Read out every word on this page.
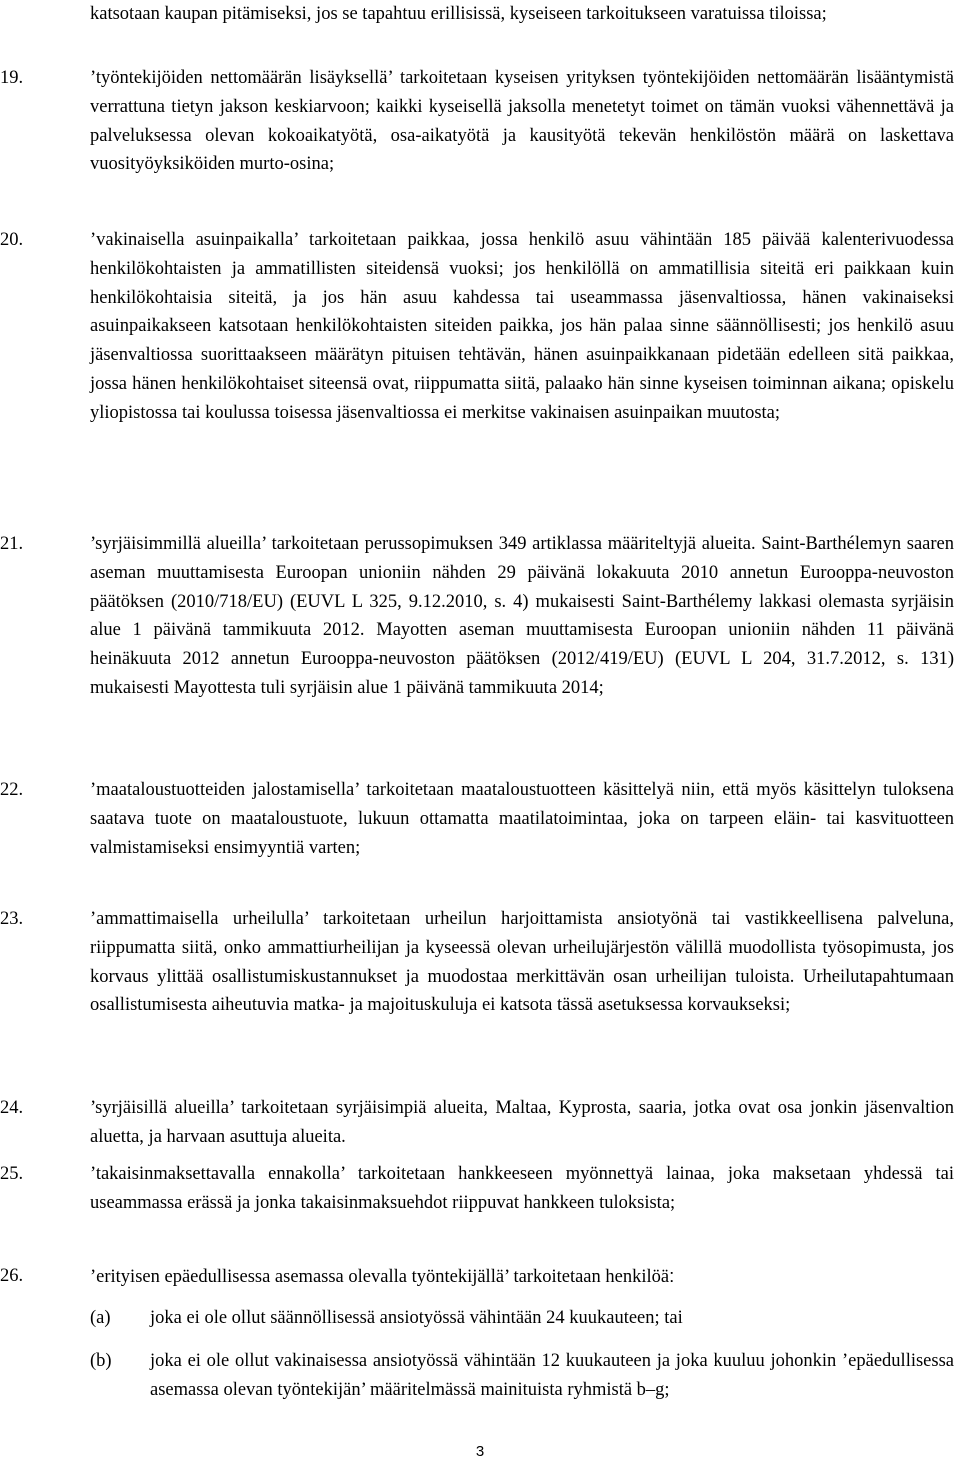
katsotaan kaupan pitämiseksi, jos se tapahtuu erillisissä, kyseiseen tarkoitukseen varatuissa tiloissa;
19.	’työntekijöiden nettomäärän lisäyksellä’ tarkoitetaan kyseisen yrityksen työntekijöiden nettomäärän lisääntymistä verrattuna tietyn jakson keskiarvoon; kaikki kyseisellä jaksolla menetetyt toimet on tämän vuoksi vähennettävä ja palveluksessa olevan kokoaikatyötä, osa-aikatyötä ja kausityötä tekevän henkilöstön määrä on laskettava vuosityöyksiköiden murto-osina;
20.	’vakinaisella asuinpaikalla’ tarkoitetaan paikkaa, jossa henkilö asuu vähintään 185 päivää kalenterivuodessa henkilökohtaisten ja ammatillisten siteidensä vuoksi; jos henkilöllä on ammatillisia siteitä eri paikkaan kuin henkilökohtaisia siteitä, ja jos hän asuu kahdessa tai useammassa jäsenvaltiossa, hänen vakinaiseksi asuinpaikakseen katsotaan henkilökohtaisten siteiden paikka, jos hän palaa sinne säännöllisesti; jos henkilö asuu jäsenvaltiossa suorittaakseen määrätyn pituisen tehtävän, hänen asuinpaikkanaan pidetään edelleen sitä paikkaa, jossa hänen henkilökohtaiset siteensä ovat, riippumatta siitä, palaako hän sinne kyseisen toiminnan aikana; opiskelu yliopistossa tai koulussa toisessa jäsenvaltiossa ei merkitse vakinaisen asuinpaikan muutosta;
21.	’syrjäisimmillä alueilla’ tarkoitetaan perussopimuksen 349 artiklassa määriteltyjä alueita. Saint-Barthélemyn saaren aseman muuttamisesta Euroopan unioniin nähden 29 päivänä lokakuuta 2010 annetun Eurooppa-neuvoston päätöksen (2010/718/EU) (EUVL L 325, 9.12.2010, s. 4) mukaisesti Saint-Barthélemy lakkasi olemasta syrjäisin alue 1 päivänä tammikuuta 2012. Mayotten aseman muuttamisesta Euroopan unioniin nähden 11 päivänä heinäkuuta 2012 annetun Eurooppa-neuvoston päätöksen (2012/419/EU) (EUVL L 204, 31.7.2012, s. 131) mukaisesti Mayottesta tuli syrjäisin alue 1 päivänä tammikuuta 2014;
22.	’maataloustuotteiden jalostamisella’ tarkoitetaan maataloustuotteen käsittelyä niin, että myös käsittelyn tuloksena saatava tuote on maataloustuote, lukuun ottamatta maatilatoimintaa, joka on tarpeen eläin- tai kasvituotteen valmistamiseksi ensimyyntiä varten;
23.	’ammattimaisella urheilulla’ tarkoitetaan urheilun harjoittamista ansiotyönä tai vastikkeellisena palveluna, riippumatta siitä, onko ammattiurheilijan ja kyseessä olevan urheilujärjestön välillä muodollista työsopimusta, jos korvaus ylittää osallistumiskustannukset ja muodostaa merkittävän osan urheilijan tuloista. Urheilutapahtumaan osallistumisesta aiheutuvia matka- ja majoituskuluja ei katsota tässä asetuksessa korvaukseksi;
24.	’syrjäisillä alueilla’ tarkoitetaan syrjäisimpiä alueita, Maltaa, Kyprosta, saaria, jotka ovat osa jonkin jäsenvaltion aluetta, ja harvaan asuttuja alueita.
25.	’takaisinmaksettavalla ennakolla’ tarkoitetaan hankkeeseen myönnettyä lainaa, joka maksetaan yhdessä tai useammassa erässä ja jonka takaisinmaksuehdot riippuvat hankkeen tuloksista;
26.	’erityisen epäedullisessa asemassa olevalla työntekijällä’ tarkoitetaan henkilöä:
(a) joka ei ole ollut säännöllisessä ansiotyössä vähintään 24 kuukauteen; tai
(b) joka ei ole ollut vakinaisessa ansiotyössä vähintään 12 kuukauteen ja joka kuuluu johonkin ’epäedullisessa asemassa olevan työntekijän’ määritelmässä mainituista ryhmistä b–g;
3
